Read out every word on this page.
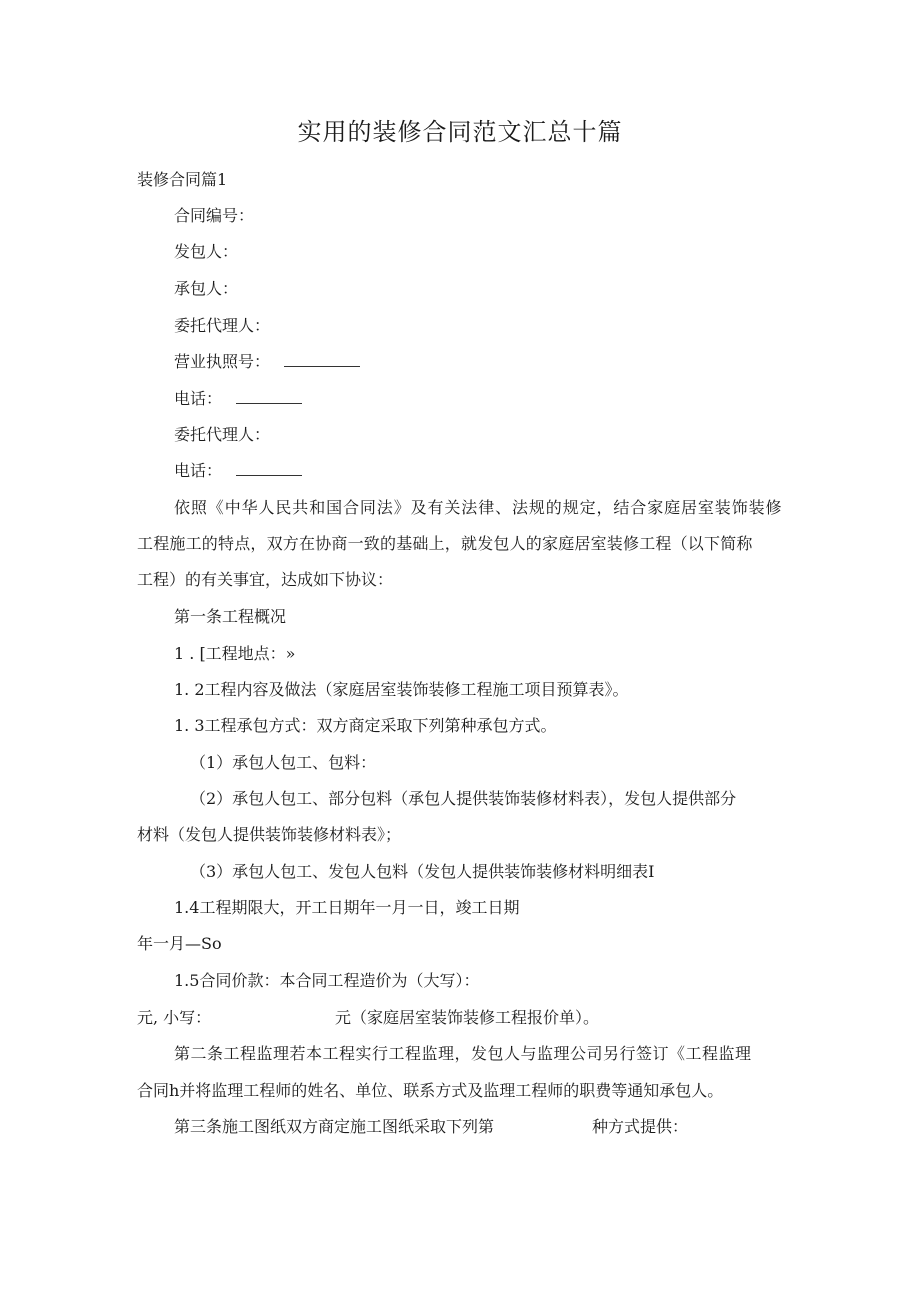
实用的装修合同范文汇总十篇
装修合同篇1
合同编号：
发包人：
承包人：
委托代理人：
营业执照号：
电话：
委托代理人：
电话：
依照《中华人民共和国合同法》及有关法律、法规的规定，结合家庭居室装饰装修
工程施工的特点，双方在协商一致的基础上，就发包人的家庭居室装修工程（以下简称
工程）的有关事宜，达成如下协议：
第一条工程概况
1 . [工程地点：»
1. 2工程内容及做法（家庭居室装饰装修工程施工项目预算表》。
1. 3工程承包方式：双方商定采取下列第种承包方式。
（1）承包人包工、包料：
（2）承包人包工、部分包料（承包人提供装饰装修材料表），发包人提供部分
材料（发包人提供装饰装修材料表》；
（3）承包人包工、发包人包料（发包人提供装饰装修材料明细表I
1.4工程期限大，开工日期年一月一日，竣工日期
年一月—So
1.5合同价款：本合同工程造价为（大写）：
元, 小写：	元（家庭居室装饰装修工程报价单）。
第二条工程监理若本工程实行工程监理，发包人与监理公司另行签订《工程监理
合同h并将监理工程师的姓名、单位、联系方式及监理工程师的职费等通知承包人。
第三条施工图纸双方商定施工图纸采取下列第	种方式提供：
